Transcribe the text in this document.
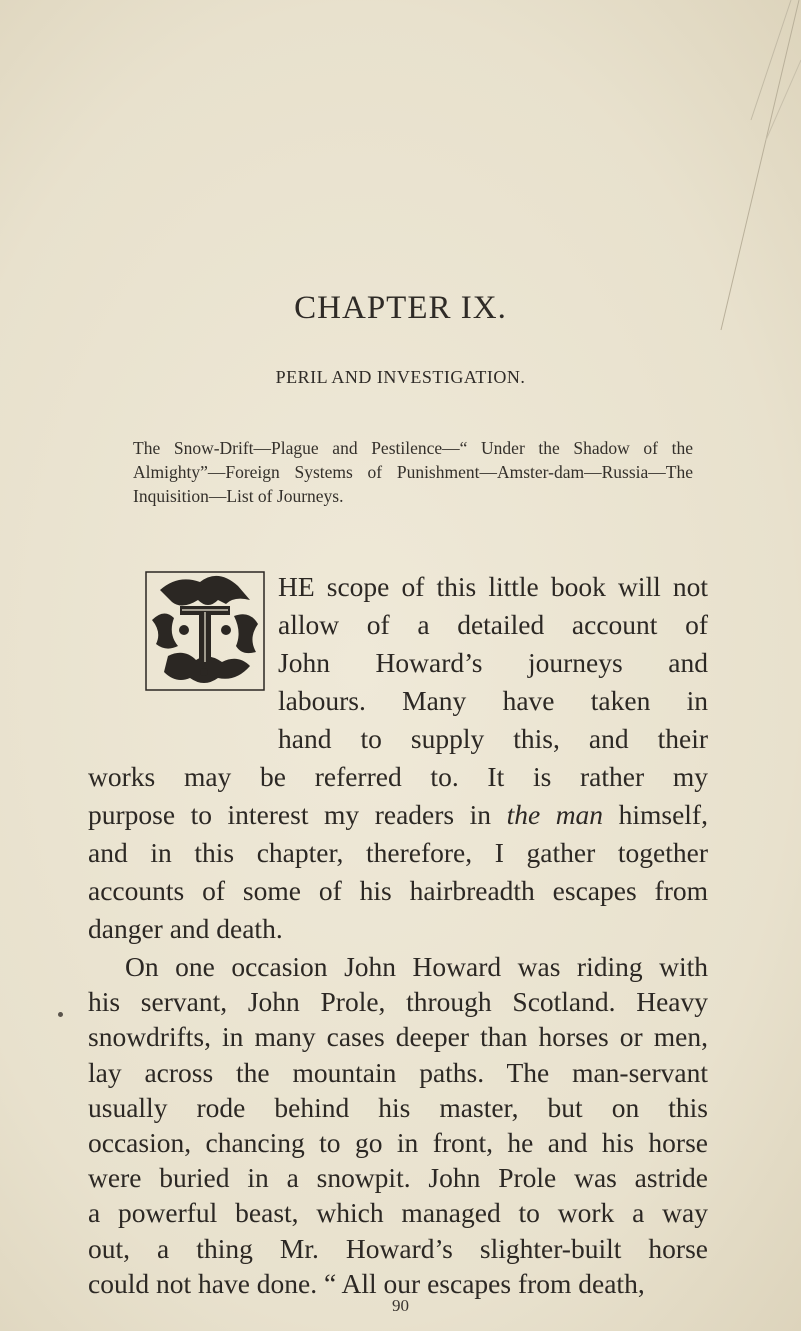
CHAPTER IX.
PERIL AND INVESTIGATION.
The Snow-Drift—Plague and Pestilence—“ Under the Shadow of the Almighty”—Foreign Systems of Punishment—Amster-dam—Russia—The Inquisition—List of Journeys.
HE scope of this little book will not
allow of a detailed account of
John Howard’s journeys and
labours. Many have taken in
hand to supply this, and their
works may be referred to. It is rather my
purpose to interest my readers in the man himself,
and in this chapter, therefore, I gather together
accounts of some of his hairbreadth escapes from
danger and death.
On one occasion John Howard was riding with
his servant, John Prole, through Scotland. Heavy
snowdrifts, in many cases deeper than horses or men,
lay across the mountain paths. The man-servant
usually rode behind his master, but on this
occasion, chancing to go in front, he and his horse
were buried in a snowpit. John Prole was astride
a powerful beast, which managed to work a way
out, a thing Mr. Howard’s slighter-built horse
could not have done. “ All our escapes from death,
90
